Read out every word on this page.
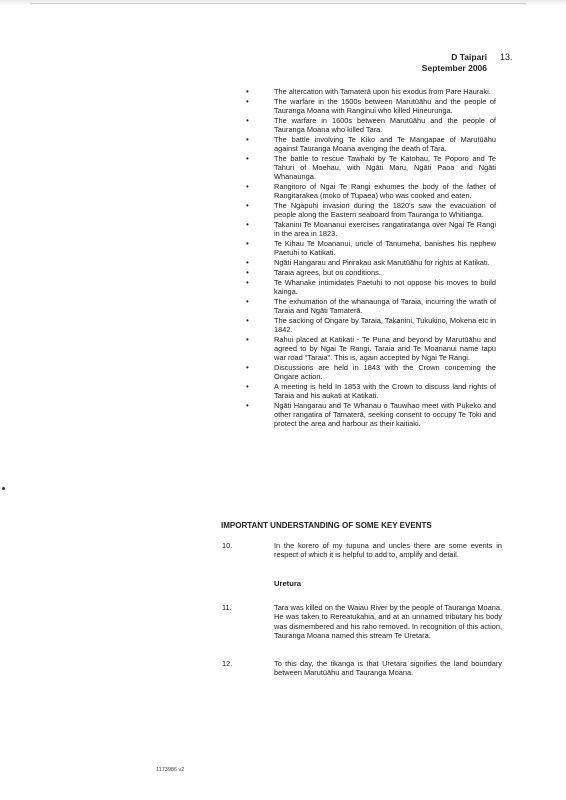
D Taipari
September 2006
13.
•	The altercation with Tamaterā upon his exodus from Pare Hauraki.
•	The warfare in the 1500s between Marutūāhu and the people of Tauranga Moana with Ranginui who killed Hineurunga.
•	The warfare in 1600s between Marutūāhu and the people of Tauranga Moana who killed Tara.
•	The battle involving Te Kiko and Te Mangapae of Marutūāhu against Tauranga Moana avenging the death of Tara.
•	The battle to rescue Tawhaki by Te Katohau, Te Poporo and Te Tahuri of Moehau, with Ngāti Maru, Ngāti Paoa and Ngāti Whanaunga.
•	Rangitoro of Ngai Te Rangi exhumes the body of the father of Rangitarakea (moko of Tupaea) who was cooked and eaten.
•	The Ngapuhi invasion during the 1820's saw the evacuation of people along the Eastern seaboard from Tauranga to Whitianga.
•	Takanini Te Moananui exercises rangatiratanga over Ngai Te Rangi in the area in 1823.
•	Te Kihau Te Moananui, uncle of Tanumeha, banishes his nephew Paetuhi to Katikati.
•	Ngāti Hangarau and Pirirakau ask Marutūāhu for rights at Katikati.
•	Taraia agrees, but on conditions.
•	Te Whanake intimidates Paetuhi to not oppose his moves to build kainga.
•	The exhumation of the whanaunga of Taraia, incurring the wrath of Taraia and Ngāti Tamaterā.
•	The sacking of Ongare by Taraia, Takanini, Tukukino, Mokena etc in 1842.
•	Rahui placed at Katikati - Te Puna and beyond by Marutūāhu and agreed to by Ngai Te Rangi. Taraia and Te Moananui name tapu war road "Taraia". This is, again accepted by Ngai Te Rangi.
•	Discussions are held in 1843 with the Crown concerning the Ongare action.
•	A meeting is held In 1853 with the Crown to discuss land rights of Taraia and his aukati at Katikati.
•	Ngāti Hangarau and Te Whanau o Tauwhao meet with Pukeko and other rangatira of Tamaterā, seeking consent to occupy Te Toki and protect the area and harbour as their kaitiaki.
IMPORTANT UNDERSTANDING OF SOME KEY EVENTS
10.	In the korero of my tupuna and uncles there are some events in respect of which it is helpful to add to, amplify and detail.
Uretura
11.	Tara was killed on the Waiau River by the people of Tauranga Moana. He was taken to Rereatukahia, and at an unnamed tributary his body was dismembered and his raho removed. In recognition of this action, Tauranga Moana named this stream Te Uretara.
12.	To this day, the tikanga is that Uretara signifies the land boundary between Marutūāhu and Tauranga Moana.
1173986 v2
